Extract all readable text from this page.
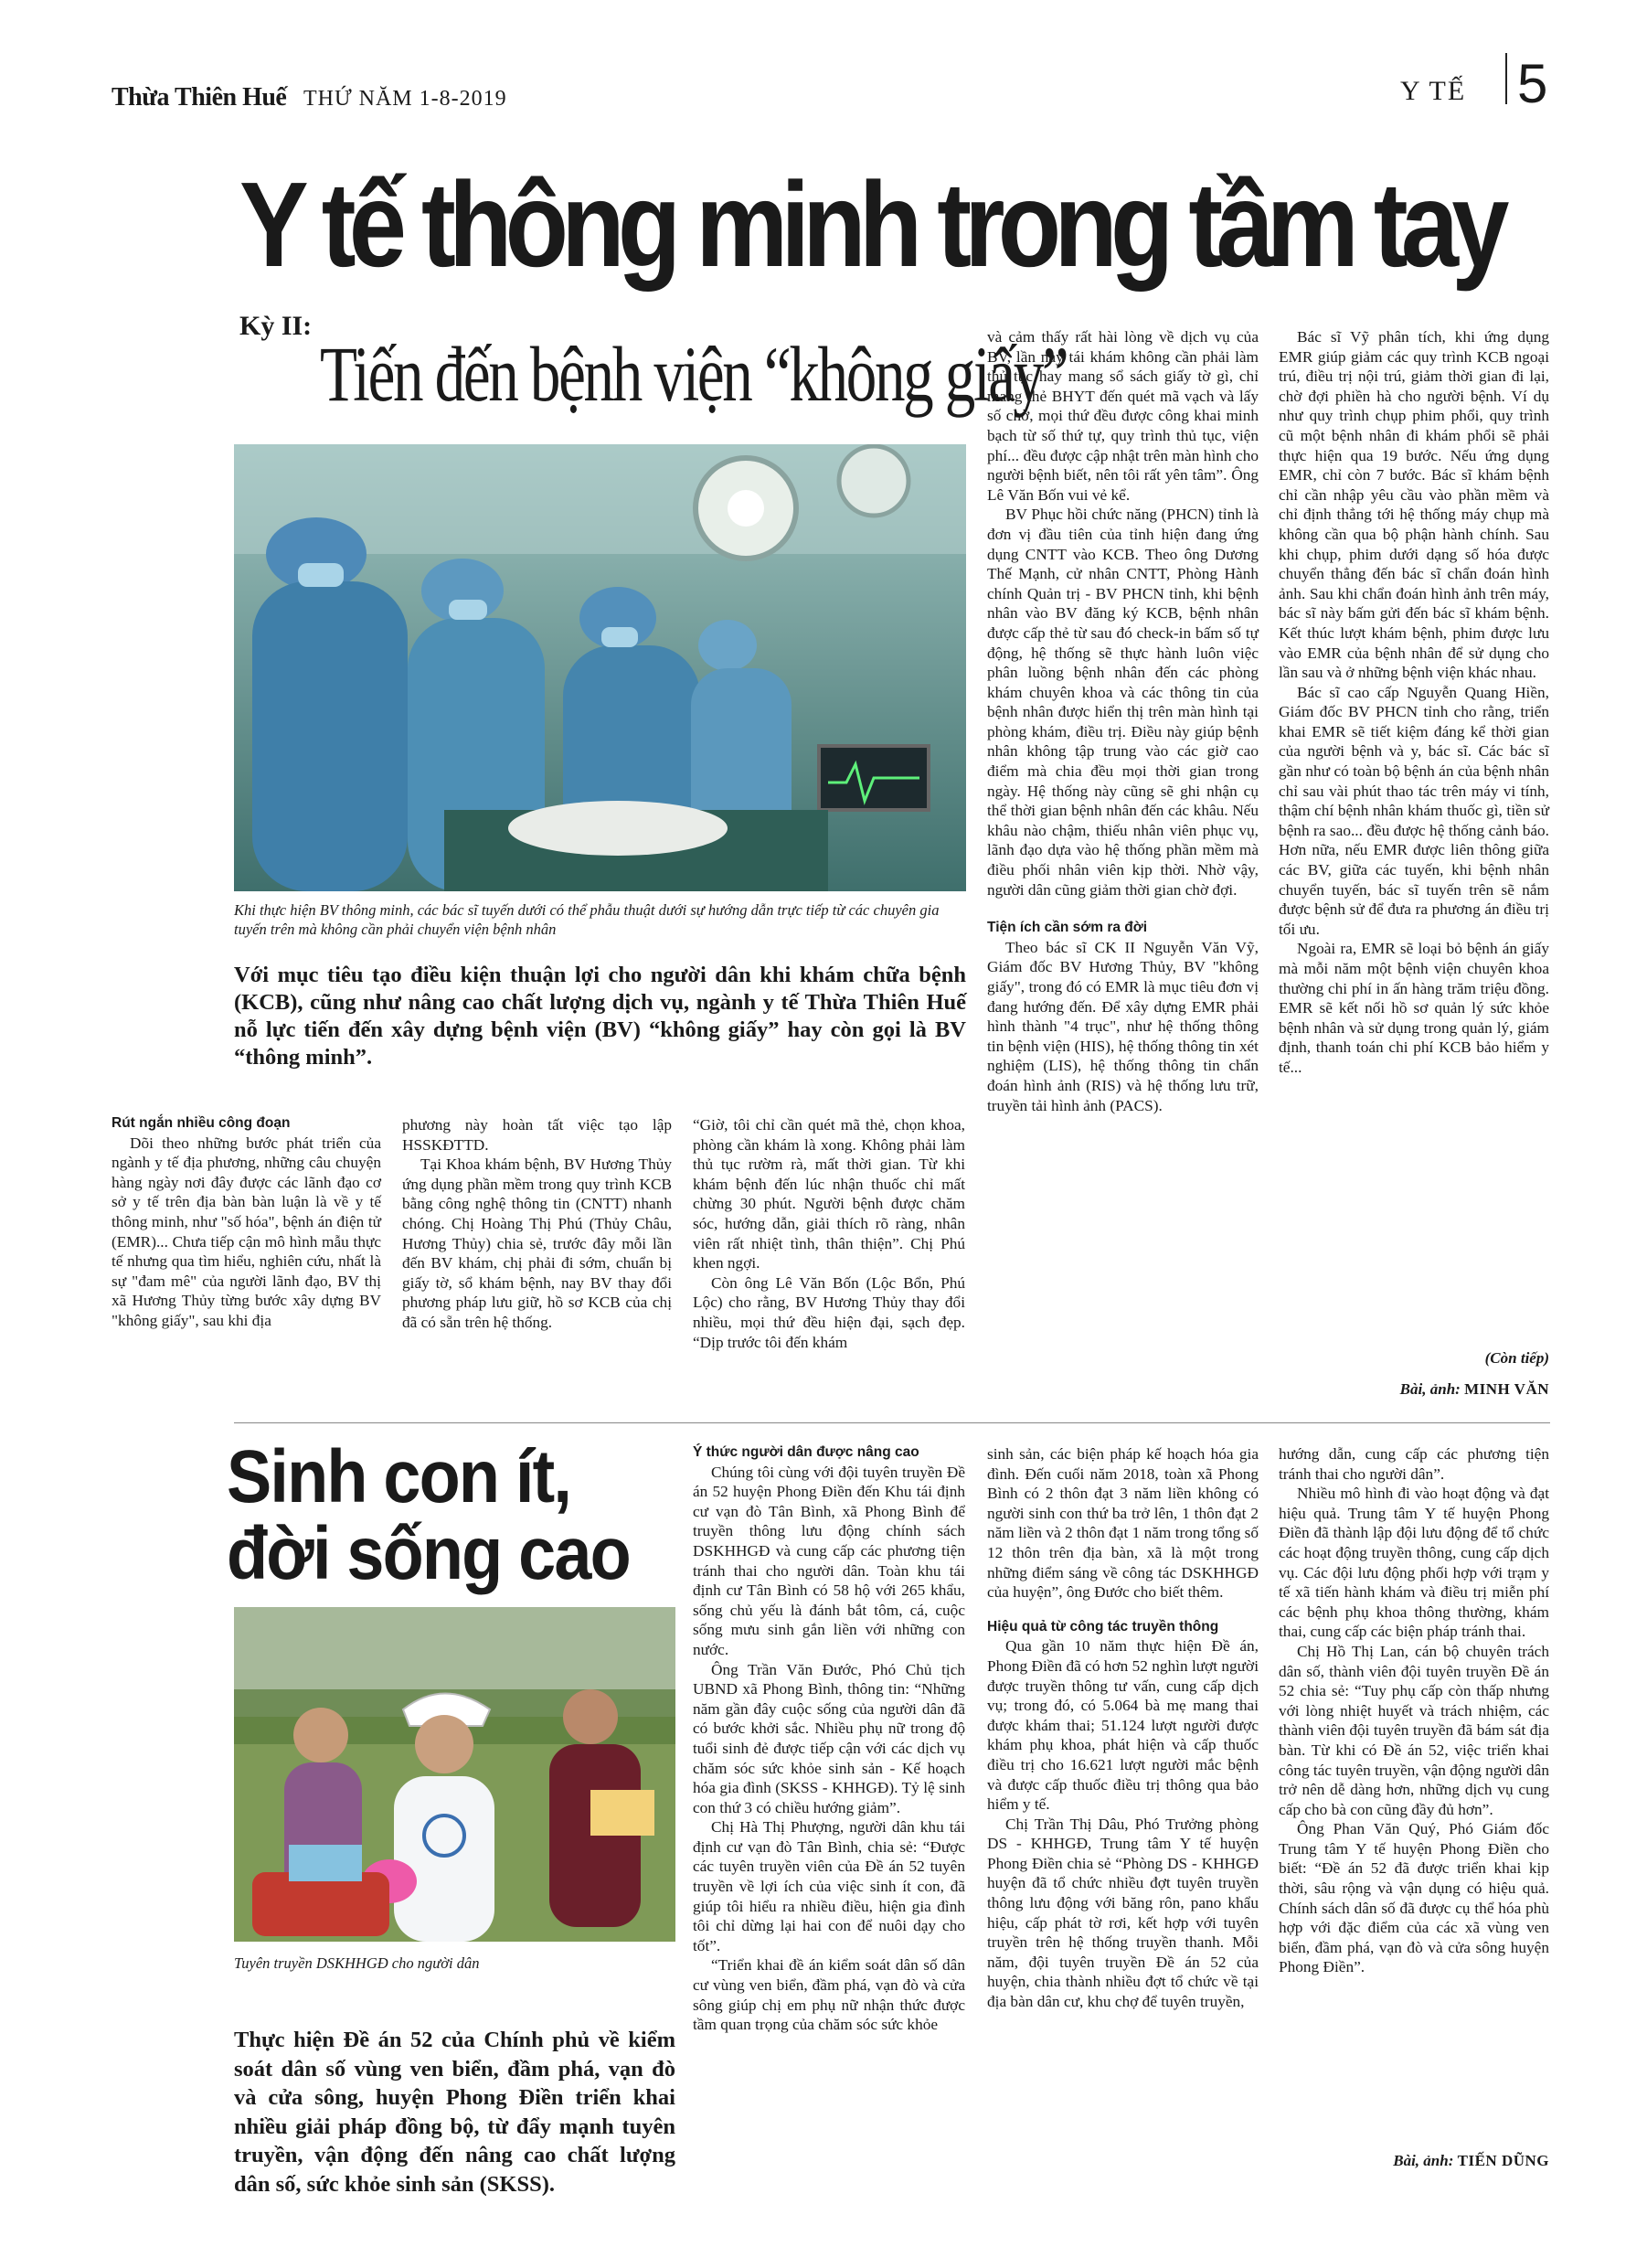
Thừa Thiên Huế THỨ NĂM 1-8-2019	Y TẾ 5
Y tế thông minh trong tầm tay
Kỳ II:
Tiến đến bệnh viện “không giấy”
Khi thực hiện BV thông minh, các bác sĩ tuyến dưới có thể phẫu thuật dưới sự hướng dẫn trực tiếp từ các chuyên gia tuyến trên mà không cần phải chuyển viện bệnh nhân
Với mục tiêu tạo điều kiện thuận lợi cho người dân khi khám chữa bệnh (KCB), cũng như nâng cao chất lượng dịch vụ, ngành y tế Thừa Thiên Huế nỗ lực tiến đến xây dựng bệnh viện (BV) “không giấy” hay còn gọi là BV “thông minh”.

Rút ngắn nhiều công đoạn

Dõi theo những bước phát triển của ngành y tế địa phương, những câu chuyện hàng ngày nơi đây được các lãnh đạo cơ sở y tế trên địa bàn bàn luận là về y tế thông minh, như "số hóa", bệnh án điện tử (EMR)... Chưa tiếp cận mô hình mẫu thực tế nhưng qua tìm hiểu, nghiên cứu, nhất là sự "đam mê" của người lãnh đạo, BV thị xã Hương Thủy từng bước xây dựng BV "không giấy", sau khi địa

phương này hoàn tất việc tạo lập HSSKĐTTD.

Tại Khoa khám bệnh, BV Hương Thủy ứng dụng phần mềm trong quy trình KCB bằng công nghệ thông tin (CNTT) nhanh chóng. Chị Hoàng Thị Phú (Thủy Châu, Hương Thủy) chia sẻ, trước đây mỗi lần đến BV khám, chị phải đi sớm, chuẩn bị giấy tờ, sổ khám bệnh, nay BV thay đổi phương pháp lưu giữ, hồ sơ KCB của chị đã có sẵn trên hệ thống.

“Giờ, tôi chỉ cần quét mã thẻ, chọn khoa, phòng cần khám là xong. Không phải làm thủ tục rườm rà, mất thời gian. Từ khi khám bệnh đến lúc nhận thuốc chỉ mất chừng 30 phút. Người bệnh được chăm sóc, hướng dẫn, giải thích rõ ràng, nhân viên rất nhiệt tình, thân thiện”. Chị Phú khen ngợi.

Còn ông Lê Văn Bốn (Lộc Bổn, Phú Lộc) cho rằng, BV Hương Thủy thay đổi nhiều, mọi thứ đều hiện đại, sạch đẹp. “Dịp trước tôi đến khám

và cảm thấy rất hài lòng về dịch vụ của BV, lần này tái khám không cần phải làm thủ tục hay mang sổ sách giấy tờ gì, chỉ mang thẻ BHYT đến quét mã vạch và lấy số chờ, mọi thứ đều được công khai minh bạch từ số thứ tự, quy trình thủ tục, viện phí... đều được cập nhật trên màn hình cho người bệnh biết, nên tôi rất yên tâm”. Ông Lê Văn Bốn vui vẻ kể.

BV Phục hồi chức năng (PHCN) tỉnh là đơn vị đầu tiên của tỉnh hiện đang ứng dụng CNTT vào KCB. Theo ông Dương Thế Mạnh, cử nhân CNTT, Phòng Hành chính Quản trị - BV PHCN tỉnh, khi bệnh nhân vào BV đăng ký KCB, bệnh nhân được cấp thẻ từ sau đó check-in bấm số tự động, hệ thống sẽ thực hành luôn việc phân luồng bệnh nhân đến các phòng khám chuyên khoa và các thông tin của bệnh nhân được hiển thị trên màn hình tại phòng khám, điều trị. Điều này giúp bệnh nhân không tập trung vào các giờ cao điểm mà chia đều mọi thời gian trong ngày. Hệ thống này cũng sẽ ghi nhận cụ thể thời gian bệnh nhân đến các khâu. Nếu khâu nào chậm, thiếu nhân viên phục vụ, lãnh đạo dựa vào hệ thống phần mềm mà điều phối nhân viên kịp thời. Nhờ vậy, người dân cũng giảm thời gian chờ đợi.

Tiện ích cần sớm ra đời

Theo bác sĩ CK II Nguyễn Văn Vỹ, Giám đốc BV Hương Thủy, BV "không giấy", trong đó có EMR là mục tiêu đơn vị đang hướng đến. Để xây dựng EMR phải hình thành "4 trục", như hệ thống thông tin bệnh viện (HIS), hệ thống thông tin xét nghiệm (LIS), hệ thống thông tin chẩn đoán hình ảnh (RIS) và hệ thống lưu trữ, truyền tải hình ảnh (PACS).

Bác sĩ Vỹ phân tích, khi ứng dụng EMR giúp giảm các quy trình KCB ngoại trú, điều trị nội trú, giảm thời gian đi lại, chờ đợi phiền hà cho người bệnh. Ví dụ như quy trình chụp phim phổi, quy trình cũ một bệnh nhân đi khám phổi sẽ phải thực hiện qua 19 bước. Nếu ứng dụng EMR, chỉ còn 7 bước. Bác sĩ khám bệnh chỉ cần nhập yêu cầu vào phần mềm và chỉ định thẳng tới hệ thống máy chụp mà không cần qua bộ phận hành chính. Sau khi chụp, phim dưới dạng số hóa được chuyển thẳng đến bác sĩ chẩn đoán hình ảnh. Sau khi chẩn đoán hình ảnh trên máy, bác sĩ này bấm gửi đến bác sĩ khám bệnh. Kết thúc lượt khám bệnh, phim được lưu vào EMR của bệnh nhân để sử dụng cho lần sau và ở những bệnh viện khác nhau.

Bác sĩ cao cấp Nguyễn Quang Hiền, Giám đốc BV PHCN tỉnh cho rằng, triển khai EMR sẽ tiết kiệm đáng kể thời gian của người bệnh và y, bác sĩ. Các bác sĩ gần như có toàn bộ bệnh án của bệnh nhân chỉ sau vài phút thao tác trên máy vi tính, thậm chí bệnh nhân khám thuốc gì, tiền sử bệnh ra sao... đều được hệ thống cảnh báo. Hơn nữa, nếu EMR được liên thông giữa các BV, giữa các tuyến, khi bệnh nhân chuyển tuyến, bác sĩ tuyến trên sẽ nắm được bệnh sử để đưa ra phương án điều trị tối ưu.

Ngoài ra, EMR sẽ loại bỏ bệnh án giấy mà mỗi năm một bệnh viện chuyên khoa thường chi phí in ấn hàng trăm triệu đồng. EMR sẽ kết nối hồ sơ quản lý sức khỏe bệnh nhân và sử dụng trong quản lý, giám định, thanh toán chi phí KCB bảo hiểm y tế...

(Còn tiếp)
Bài, ảnh: MINH VĂN
Sinh con ít,
đời sống cao
Tuyên truyền DSKHHGĐ cho người dân
Thực hiện Đề án 52 của Chính phủ về kiểm soát dân số vùng ven biển, đầm phá, vạn đò và cửa sông, huyện Phong Điền triển khai nhiều giải pháp đồng bộ, từ đẩy mạnh tuyên truyền, vận động đến nâng cao chất lượng dân số, sức khỏe sinh sản (SKSS).

Ý thức người dân được nâng cao

Chúng tôi cùng với đội tuyên truyền Đề án 52 huyện Phong Điền đến Khu tái định cư vạn đò Tân Bình, xã Phong Bình để truyền thông lưu động chính sách DSKHHGĐ và cung cấp các phương tiện tránh thai cho người dân. Toàn khu tái định cư Tân Bình có 58 hộ với 265 khẩu, sống chủ yếu là đánh bắt tôm, cá, cuộc sống mưu sinh gắn liền với những con nước.

Ông Trần Văn Đước, Phó Chủ tịch UBND xã Phong Bình, thông tin: “Những năm gần đây cuộc sống của người dân đã có bước khởi sắc. Nhiều phụ nữ trong độ tuổi sinh đẻ được tiếp cận với các dịch vụ chăm sóc sức khỏe sinh sản - Kế hoạch hóa gia đình (SKSS - KHHGĐ). Tỷ lệ sinh con thứ 3 có chiều hướng giảm”.

Chị Hà Thị Phượng, người dân khu tái định cư vạn đò Tân Bình, chia sẻ: “Được các tuyên truyền viên của Đề án 52 tuyên truyền về lợi ích của việc sinh ít con, đã giúp tôi hiểu ra nhiều điều, hiện gia đình tôi chỉ dừng lại hai con để nuôi dạy cho tốt”.

“Triển khai đề án kiểm soát dân số dân cư vùng ven biển, đầm phá, vạn đò và cửa sông giúp chị em phụ nữ nhận thức được tầm quan trọng của chăm sóc sức khỏe

sinh sản, các biện pháp kế hoạch hóa gia đình. Đến cuối năm 2018, toàn xã Phong Bình có 2 thôn đạt 3 năm liền không có người sinh con thứ ba trở lên, 1 thôn đạt 2 năm liền và 2 thôn đạt 1 năm trong tổng số 12 thôn trên địa bàn, xã là một trong những điểm sáng về công tác DSKHHGĐ của huyện”, ông Đước cho biết thêm.

Hiệu quả từ công tác truyền thông

Qua gần 10 năm thực hiện Đề án, Phong Điền đã có hơn 52 nghìn lượt người được truyền thông tư vấn, cung cấp dịch vụ; trong đó, có 5.064 bà mẹ mang thai được khám thai; 51.124 lượt người được khám phụ khoa, phát hiện và cấp thuốc điều trị cho 16.621 lượt người mắc bệnh và được cấp thuốc điều trị thông qua bảo hiểm y tế.

Chị Trần Thị Dâu, Phó Trưởng phòng DS - KHHGĐ, Trung tâm Y tế huyện Phong Điền chia sẻ “Phòng DS - KHHGĐ huyện đã tổ chức nhiều đợt tuyên truyền thông lưu động với băng rôn, pano khẩu hiệu, cấp phát tờ rơi, kết hợp với tuyên truyền trên hệ thống truyền thanh. Mỗi năm, đội tuyên truyền Đề án 52 của huyện, chia thành nhiều đợt tổ chức về tại địa bàn dân cư, khu chợ để tuyên truyền,

hướng dẫn, cung cấp các phương tiện tránh thai cho người dân”.

Nhiều mô hình đi vào hoạt động và đạt hiệu quả. Trung tâm Y tế huyện Phong Điền đã thành lập đội lưu động để tổ chức các hoạt động truyền thông, cung cấp dịch vụ. Các đội lưu động phối hợp với trạm y tế xã tiến hành khám và điều trị miễn phí các bệnh phụ khoa thông thường, khám thai, cung cấp các biện pháp tránh thai.

Chị Hồ Thị Lan, cán bộ chuyên trách dân số, thành viên đội tuyên truyền Đề án 52 chia sẻ: “Tuy phụ cấp còn thấp nhưng với lòng nhiệt huyết và trách nhiệm, các thành viên đội tuyên truyền đã bám sát địa bàn. Từ khi có Đề án 52, việc triển khai công tác tuyên truyền, vận động người dân trở nên dễ dàng hơn, những dịch vụ cung cấp cho bà con cũng đầy đủ hơn”.

Ông Phan Văn Quý, Phó Giám đốc Trung tâm Y tế huyện Phong Điền cho biết: “Đề án 52 đã được triển khai kịp thời, sâu rộng và vận dụng có hiệu quả. Chính sách dân số đã được cụ thể hóa phù hợp với đặc điểm của các xã vùng ven biển, đầm phá, vạn đò và cửa sông huyện Phong Điền”.

Bài, ảnh: TIẾN DŨNG
